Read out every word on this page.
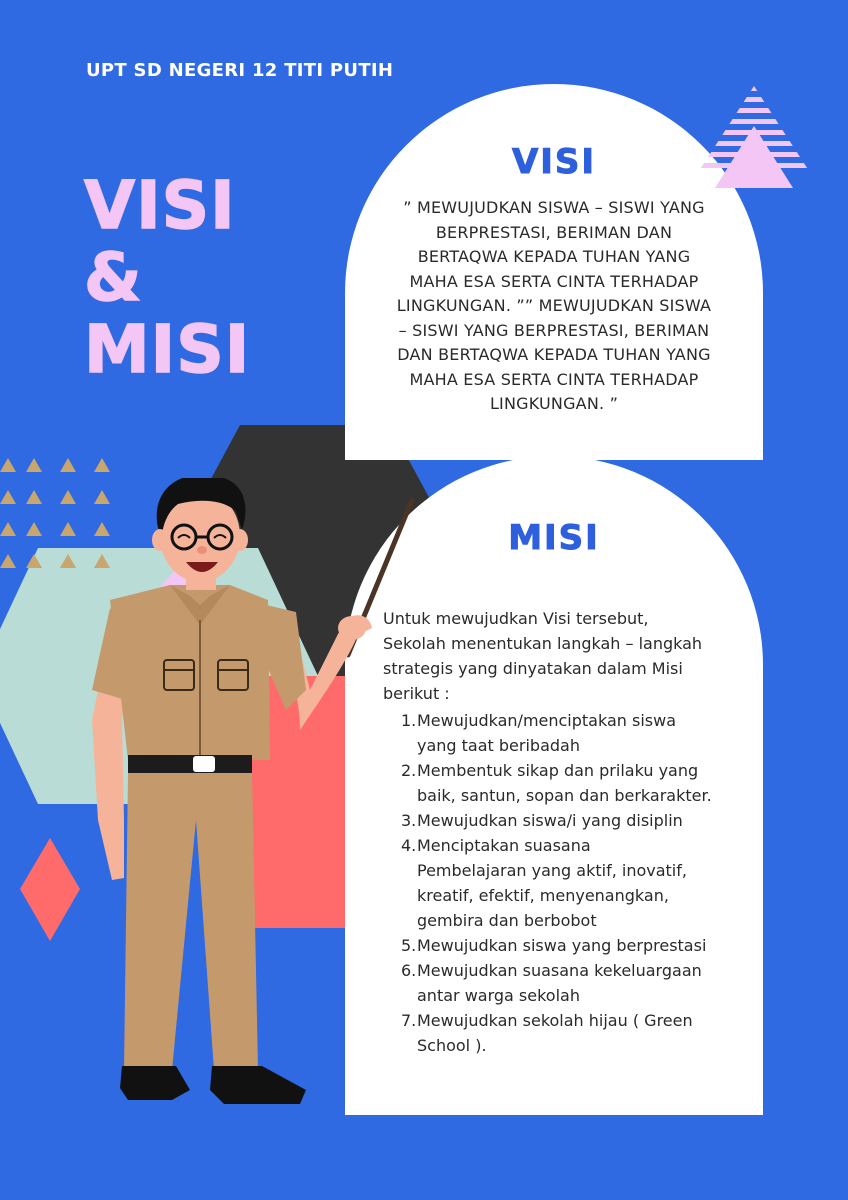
UPT SD NEGERI 12 TITI PUTIH
VISI
&
MISI
VISI
” MEWUJUDKAN SISWA – SISWI YANG
BERPRESTASI, BERIMAN DAN
BERTAQWA KEPADA TUHAN YANG
MAHA ESA SERTA CINTA TERHADAP
LINGKUNGAN. ”” MEWUJUDKAN SISWA
– SISWI YANG BERPRESTASI, BERIMAN
DAN BERTAQWA KEPADA TUHAN YANG
MAHA ESA SERTA CINTA TERHADAP
LINGKUNGAN. ”
MISI
Untuk mewujudkan Visi tersebut,
Sekolah menentukan langkah – langkah
strategis yang dinyatakan dalam Misi
berikut :
1. Mewujudkan/menciptakan siswa
yang taat beribadah
2. Membentuk sikap dan prilaku yang
baik, santun, sopan dan berkarakter.
3. Mewujudkan siswa/i yang disiplin
4. Menciptakan suasana
Pembelajaran yang aktif, inovatif,
kreatif, efektif, menyenangkan,
gembira dan berbobot
5. Mewujudkan siswa yang berprestasi
6. Mewujudkan suasana kekeluargaan
antar warga sekolah
7. Mewujudkan sekolah hijau ( Green
School ).
